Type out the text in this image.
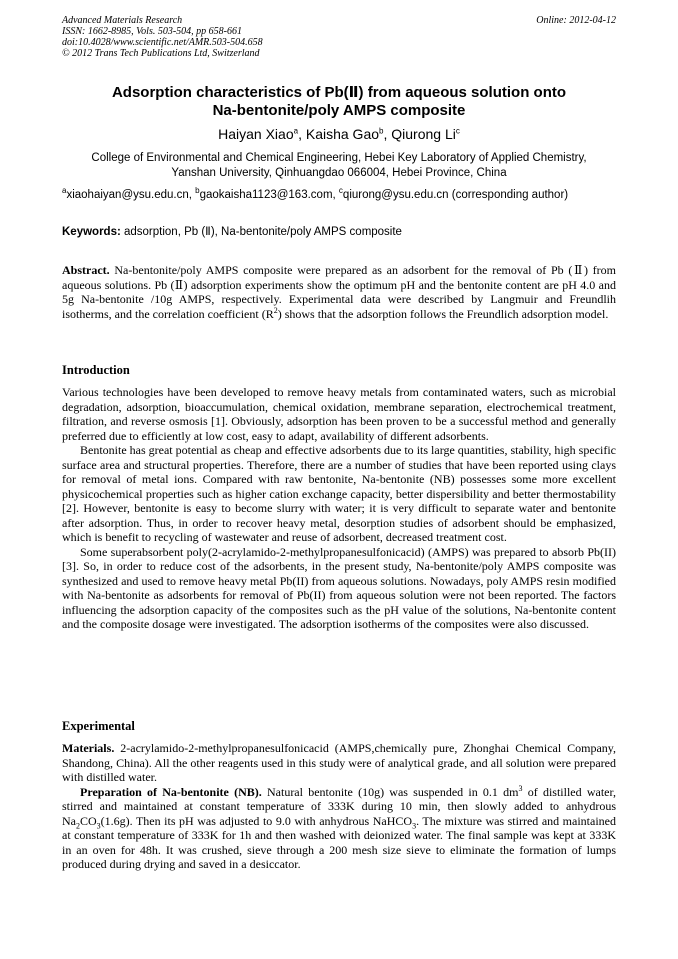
Advanced Materials Research
ISSN: 1662-8985, Vols. 503-504, pp 658-661
doi:10.4028/www.scientific.net/AMR.503-504.658
© 2012 Trans Tech Publications Ltd, Switzerland
Online: 2012-04-12
Adsorption characteristics of Pb(Ⅱ) from aqueous solution onto
Na-bentonite/poly AMPS composite
Haiyan Xiao$^a$, Kaisha Gao$^b$, Qiurong Li$^c$
College of Environmental and Chemical Engineering, Hebei Key Laboratory of Applied Chemistry,
Yanshan University, Qinhuangdao 066004, Hebei Province, China
$^a$xiaohaiyan@ysu.edu.cn, $^b$gaokaisha1123@163.com, $^c$qiurong@ysu.edu.cn (corresponding author)
Keywords: adsorption, Pb (Ⅱ), Na-bentonite/poly AMPS composite
Abstract. Na-bentonite/poly AMPS composite were prepared as an adsorbent for the removal of Pb (Ⅱ) from aqueous solutions. Pb (Ⅱ) adsorption experiments show the optimum pH and the bentonite content are pH 4.0 and 5g Na-bentonite /10g AMPS, respectively. Experimental data were described by Langmuir and Freundlih isotherms, and the correlation coefficient $(R^2)$ shows that the adsorption follows the Freundlich adsorption model.
Introduction

Various technologies have been developed to remove heavy metals from contaminated waters, such as microbial degradation, adsorption, bioaccumulation, chemical oxidation, membrane separation, electrochemical treatment, filtration, and reverse osmosis [1]. Obviously, adsorption has been proven to be a successful method and generally preferred due to efficiently at low cost, easy to adapt, availability of different adsorbents.

Bentonite has great potential as cheap and effective adsorbents due to its large quantities, stability, high specific surface area and structural properties. Therefore, there are a number of studies that have been reported using clays for removal of metal ions. Compared with raw bentonite, Na-bentonite (NB) possesses some more excellent physicochemical properties such as higher cation exchange capacity, better dispersibility and better thermostability [2]. However, bentonite is easy to become slurry with water; it is very difficult to separate water and bentonite after adsorption. Thus, in order to recover heavy metal, desorption studies of adsorbent should be emphasized, which is benefit to recycling of wastewater and reuse of adsorbent, decreased treatment cost.

Some superabsorbent poly(2-acrylamido-2-methylpropanesulfonicacid) (AMPS) was prepared to absorb Pb(II) [3]. So, in order to reduce cost of the adsorbents, in the present study, Na-bentonite/poly AMPS composite was synthesized and used to remove heavy metal Pb(II) from aqueous solutions. Nowadays, poly AMPS resin modified with Na-bentonite as adsorbents for removal of Pb(II) from aqueous solution were not been reported. The factors influencing the adsorption capacity of the composites such as the pH value of the solutions, Na-bentonite content and the composite dosage were investigated. The adsorption isotherms of the composites were also discussed.

Experimental

Materials. 2-acrylamido-2-methylpropanesulfonicacid (AMPS,chemically pure, Zhonghai Chemical Company, Shandong, China). All the other reagents used in this study were of analytical grade, and all solution were prepared with distilled water.

Preparation of Na-bentonite (NB). Natural bentonite (10g) was suspended in 0.1 $dm^3$ of distilled water, stirred and maintained at constant temperature of 333K during 10 min, then slowly added to anhydrous $Na_2CO_3(1.6g)$. Then its pH was adjusted to 9.0 with anhydrous NaHCO$_3$. The mixture was stirred and maintained at constant temperature of 333K for 1h and then washed with deionized water. The final sample was kept at 333K in an oven for 48h. It was crushed, sieve through a 200 mesh size sieve to eliminate the formation of lumps produced during drying and saved in a desiccator.
